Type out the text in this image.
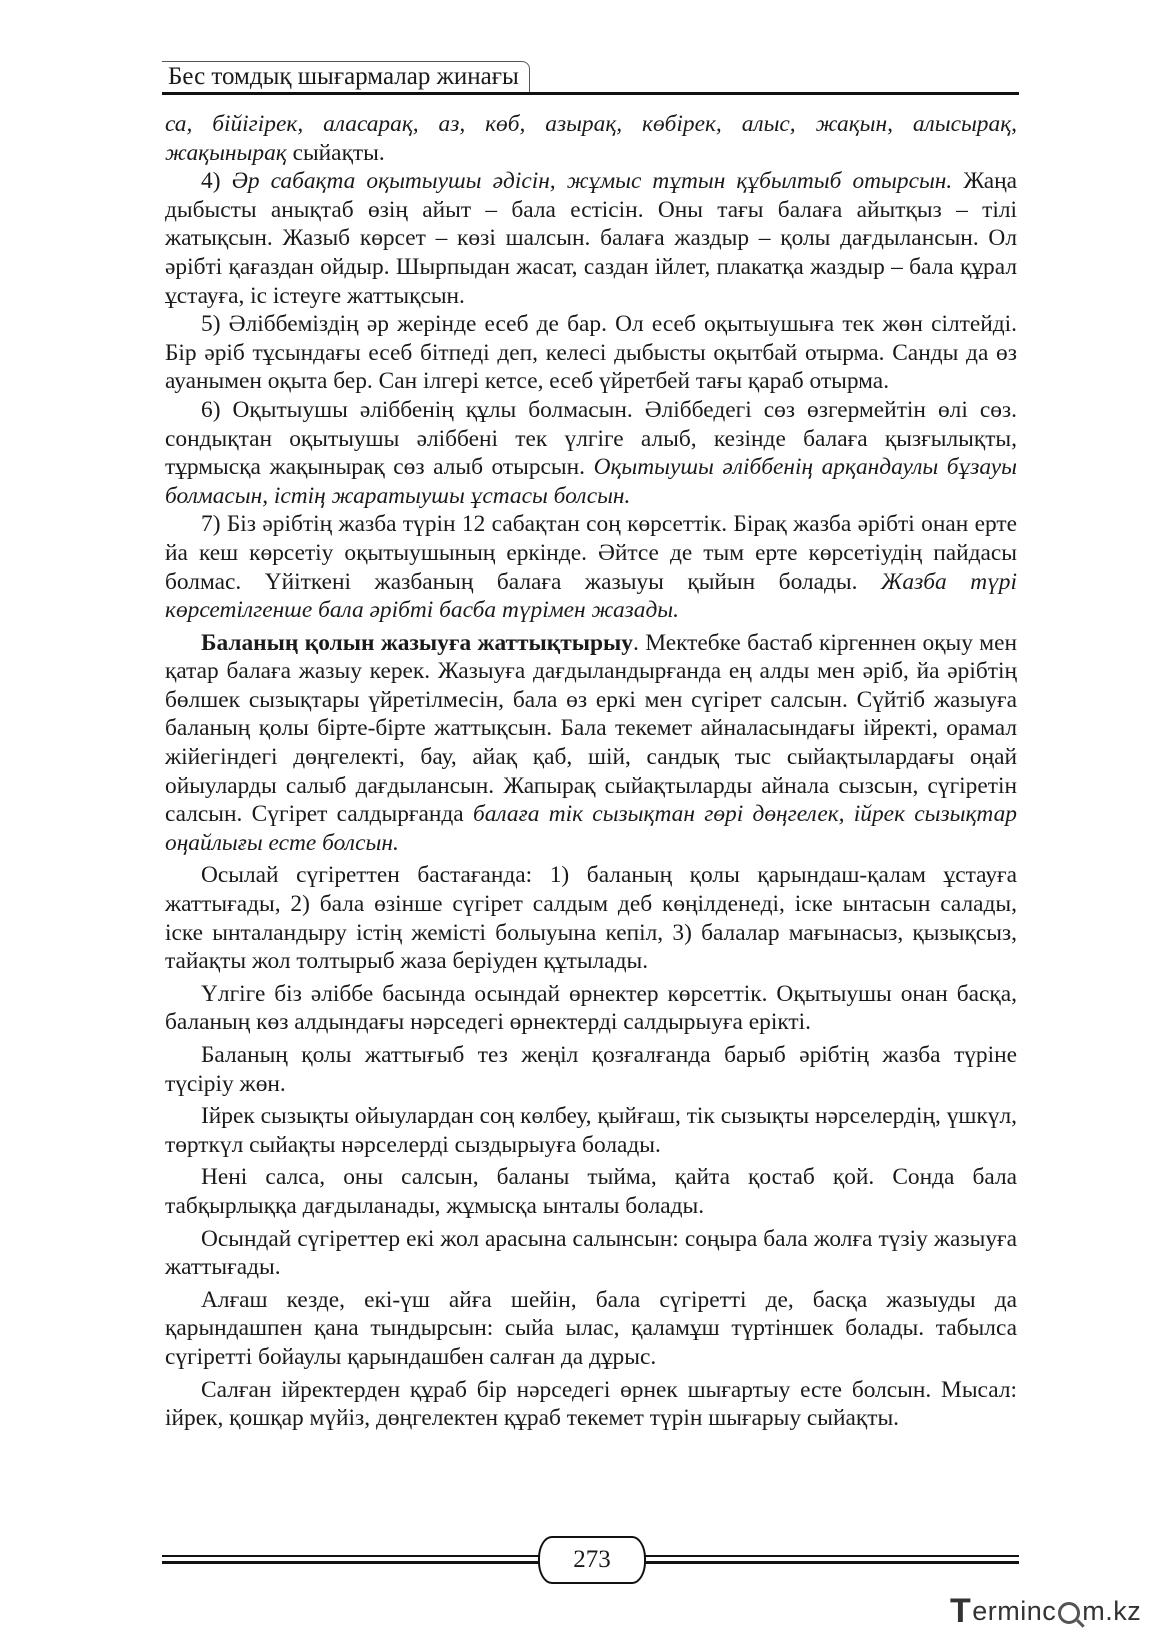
Бес томдық шығармалар жинағы

са, бійігірек, аласарақ, аз, көб, азырақ, көбірек, алыс, жақын, алысырақ, жақынырақ сыйақты.

4) Әр сабақта оқытыушы әдісін, жұмыс тұтын құбылтыб отырсын. Жаңа дыбысты анықтаб өзің айыт – бала естісін. Оны тағы балаға айытқыз – тілі жатықсын. Жазыб көрсет – көзі шалсын. балаға жаздыр – қолы дағдылансын. Ол әрібті қағаздан ойдыр. Шырпыдан жасат, саздан ійлет, плакатқа жаздыр – бала құрал ұстауға, іс істеуге жаттықсын.

5) Әліббеміздің әр жерінде есеб де бар. Ол есеб оқытыушыға тек жөн сілтейді. Бір әріб тұсындағы есеб бітпеді деп, келесі дыбысты оқытбай отырма. Санды да өз ауанымен оқыта бер. Сан ілгері кетсе, есеб үйретбей тағы қараб отырма.

6) Оқытыушы әліббенің құлы болмасын. Әліббедегі сөз өзгермейтін өлі сөз. сондықтан оқытыушы әліббені тек үлгіге алыб, кезінде балаға қызғылықты, тұрмысқа жақынырақ сөз алыб отырсын. Оқытыушы әліббенің арқандаулы бұзауы болмасын, істің жаратыушы ұстасы болсын.

7) Біз әрібтің жазба түрін 12 сабақтан соң көрсеттік. Бірақ жазба әрібті онан ерте йа кеш көрсетіу оқытыушының еркінде. Әйтсе де тым ерте көрсетіудің пайдасы болмас. Үйіткені жазбаның балаға жазыуы қыйын болады. Жазба түрі көрсетілгенше бала әрібті басба түрімен жазады.

Баланың қолын жазыуға жаттықтырыу. Мектебке бастаб кіргеннен оқыу мен қатар балаға жазыу керек. Жазыуға дағдыландырғанда ең алды мен әріб, йа әрібтің бөлшек сызықтары үйретілмесін, бала өз еркі мен сүгірет салсын. Сүйтіб жазыуға баланың қолы бірте-бірте жаттықсын. Бала текемет айналасындағы ійректі, орамал жійегіндегі дөңгелекті, бау, айақ қаб, шій, сандық тыс сыйақтылардағы оңай ойыуларды салыб дағдылансын. Жапырақ сыйақтыларды айнала сызсын, сүгіретін салсын. Сүгірет салдырғанда балаға тік сызықтан гөрі дөңгелек, ійрек сызықтар оңайлығы есте болсын.

Осылай сүгіреттен бастағанда: 1) баланың қолы қарындаш-қалам ұстауға жаттығады, 2) бала өзінше сүгірет салдым деб көңілденеді, іске ынтасын салады, іске ынталандыру істің жемісті болыуына кепіл, 3) балалар мағынасыз, қызықсыз, тайақты жол толтырыб жаза беріуден құтылады.

Үлгіге біз әліббе басында осындай өрнектер көрсеттік. Оқытыушы онан басқа, баланың көз алдындағы нәрседегі өрнектерді салдырыуға ерікті.

Баланың қолы жаттығыб тез жеңіл қозғалғанда барыб әрібтің жазба түріне түсіріу жөн.

Ійрек сызықты ойыулардан соң көлбеу, қыйғаш, тік сызықты нәрселердің, үшкүл, төрткүл сыйақты нәрселерді сыздырыуға болады.

Нені салса, оны салсын, баланы тыйма, қайта қостаб қой. Сонда бала табқырлыққа дағдыланады, жұмысқа ынталы болады.

Осындай сүгіреттер екі жол арасына салынсын: соңыра бала жолға түзіу жазыуға жаттығады.

Алғаш кезде, екі-үш айға шейін, бала сүгіретті де, басқа жазыуды да қарындашпен қана тындырсын: сыйа ылас, қаламұш түртіншек болады. табылса сүгіретті бойаулы қарындашбен салған да дұрыс.

Салған ійректерден құраб бір нәрседегі өрнек шығартыу есте болсын. Мысал: ійрек, қошқар мүйіз, дөңгелектен құраб текемет түрін шығарыу сыйақты.

273
T erminc m.kz
